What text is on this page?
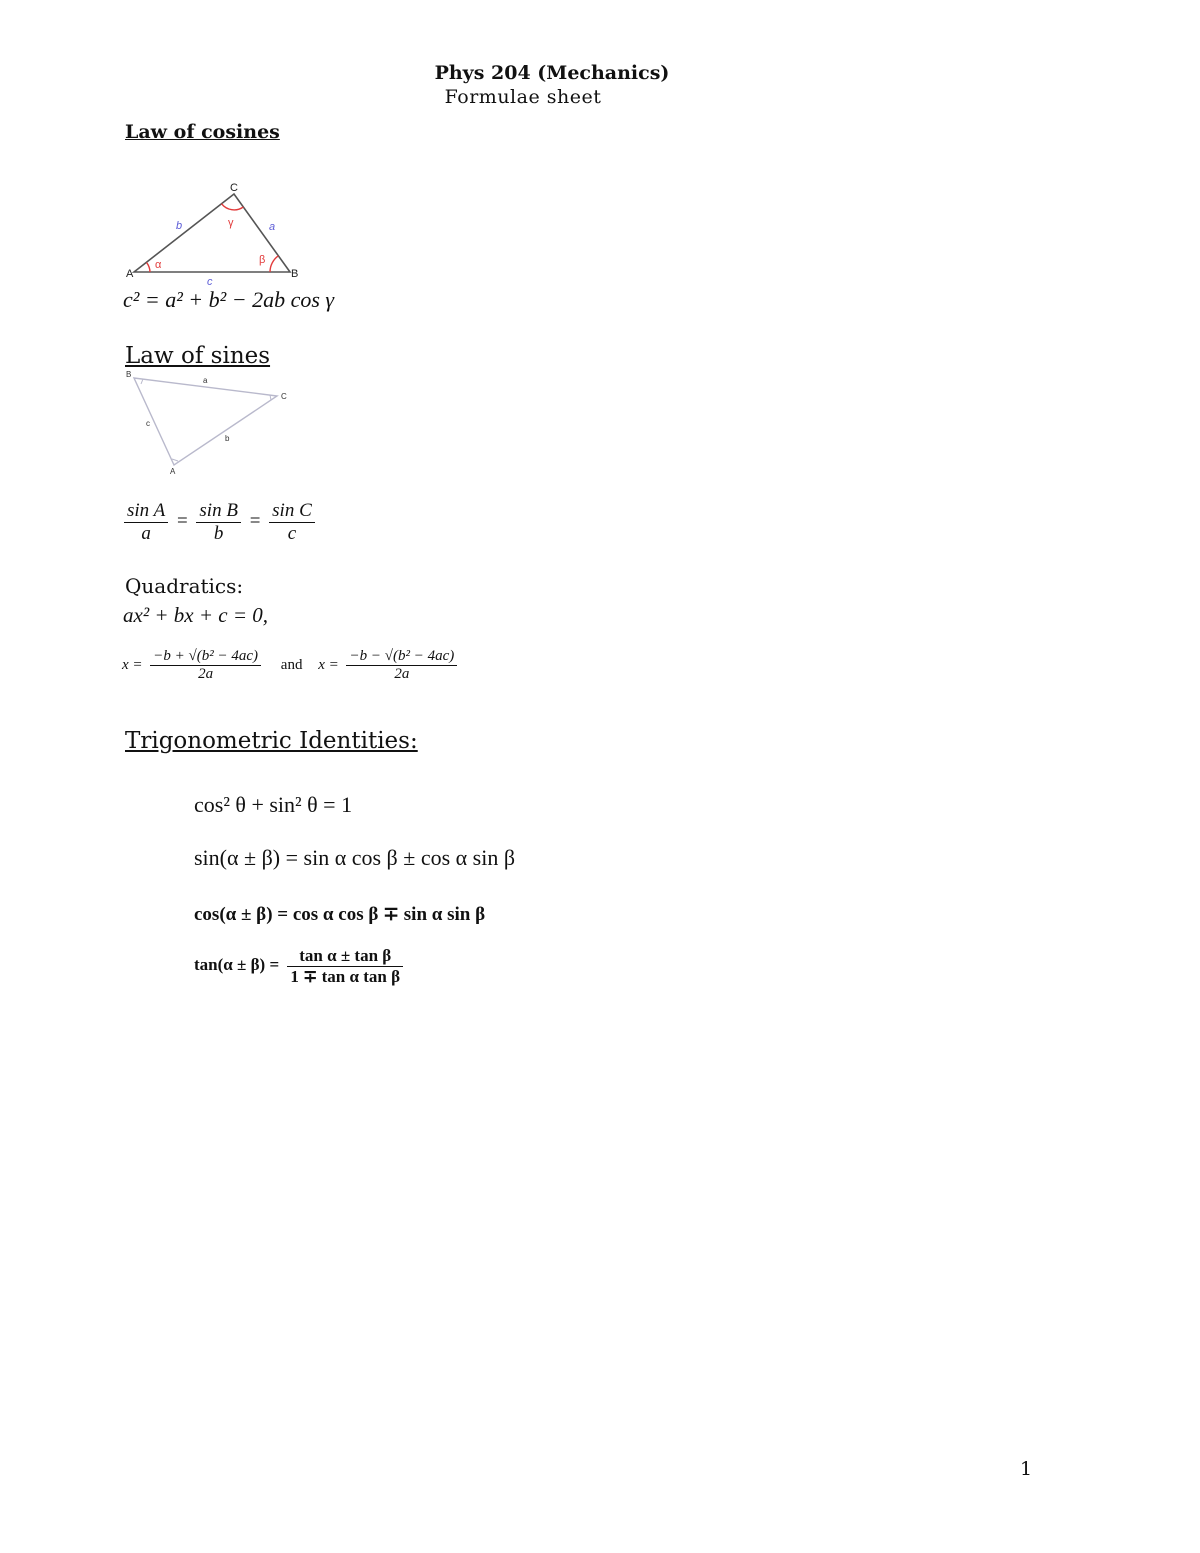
Phys 204 (Mechanics)
Formulae sheet
Law of cosines
A	B
C
a
b
c
α	β
γ
c² = a² + b² − 2ab cos γ
Law of sines
B
C
A
a
b
c
$\frac{\text{sin A}}{a} = \frac{\text{sin B}}{b} = \frac{\text{sin C}}{c}$
Quadratics:
ax² + bx + c = 0,
$x = \frac{\text{−b + √(b² − 4ac)}}{2a}$ and $x = \frac{\text{−b − √(b² − 4ac)}}{2a}$
Trigonometric Identities:
cos² θ + sin² θ = 1
sin(α ± β) = sin α cos β ± cos α sin β
cos(α ± β) = cos α cos β ∓ sin α sin β
$\tan(\alpha \pm \beta) = \frac{\text{tan α ± tan β}}{\text{1 ∓ tan α tan β}}$
1
